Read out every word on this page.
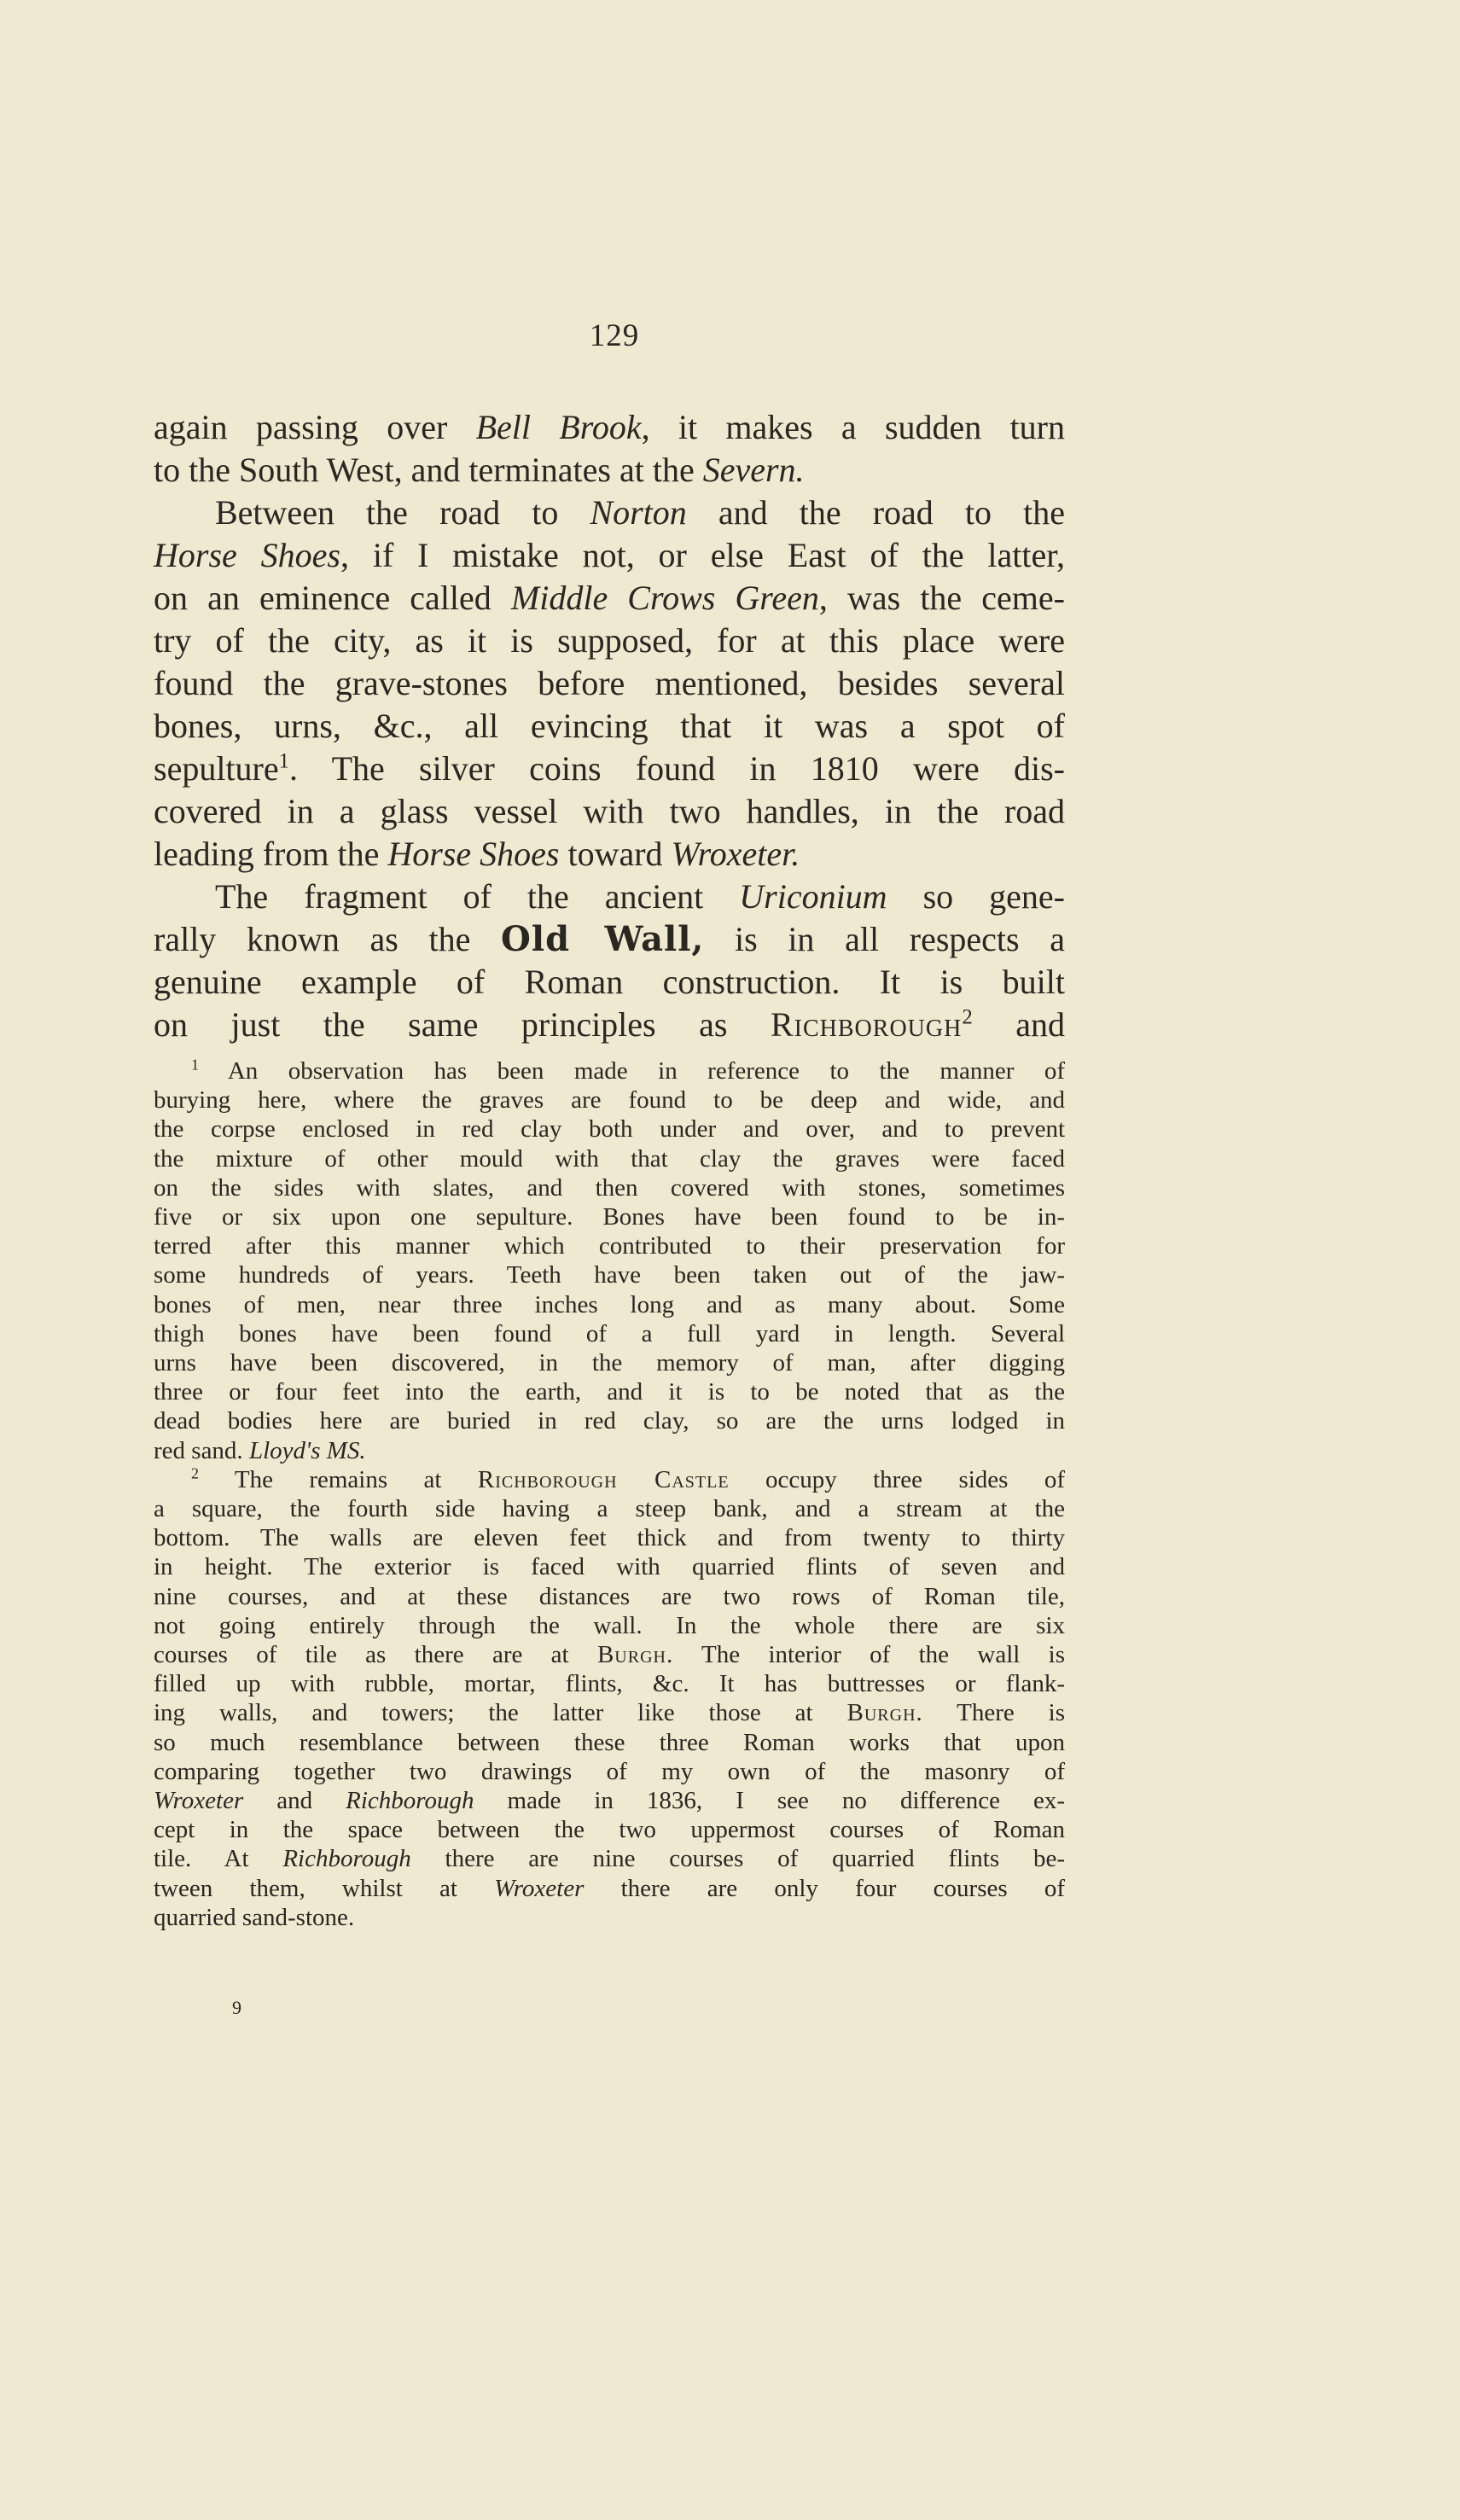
129
again passing over Bell Brook, it makes a sudden turn
to the South West, and terminates at the Severn.
Between the road to Norton and the road to the
Horse Shoes, if I mistake not, or else East of the latter,
on an eminence called Middle Crows Green, was the ceme-
try of the city, as it is supposed, for at this place were
found the grave-stones before mentioned, besides several
bones, urns, &c., all evincing that it was a spot of
sepulture$^1$. The silver coins found in 1810 were dis-
covered in a glass vessel with two handles, in the road
leading from the Horse Shoes toward Wroxeter.
The fragment of the ancient Uriconium so gene-
rally known as the Old Wall, is in all respects a
genuine example of Roman construction. It is built
on just the same principles as Richborough$^2$ and
$^1$ An observation has been made in reference to the manner of
burying here, where the graves are found to be deep and wide, and
the corpse enclosed in red clay both under and over, and to prevent
the mixture of other mould with that clay the graves were faced
on the sides with slates, and then covered with stones, sometimes
five or six upon one sepulture. Bones have been found to be in-
terred after this manner which contributed to their preservation for
some hundreds of years. Teeth have been taken out of the jaw-
bones of men, near three inches long and as many about. Some
thigh bones have been found of a full yard in length. Several
urns have been discovered, in the memory of man, after digging
three or four feet into the earth, and it is to be noted that as the
dead bodies here are buried in red clay, so are the urns lodged in
red sand. Lloyd's MS.
$^2$ The remains at Richborough Castle occupy three sides of
a square, the fourth side having a steep bank, and a stream at the
bottom. The walls are eleven feet thick and from twenty to thirty
in height. The exterior is faced with quarried flints of seven and
nine courses, and at these distances are two rows of Roman tile,
not going entirely through the wall. In the whole there are six
courses of tile as there are at Burgh. The interior of the wall is
filled up with rubble, mortar, flints, &c. It has buttresses or flank-
ing walls, and towers; the latter like those at Burgh. There is
so much resemblance between these three Roman works that upon
comparing together two drawings of my own of the masonry of
Wroxeter and Richborough made in 1836, I see no difference ex-
cept in the space between the two uppermost courses of Roman
tile. At Richborough there are nine courses of quarried flints be-
tween them, whilst at Wroxeter there are only four courses of
quarried sand-stone.
9
